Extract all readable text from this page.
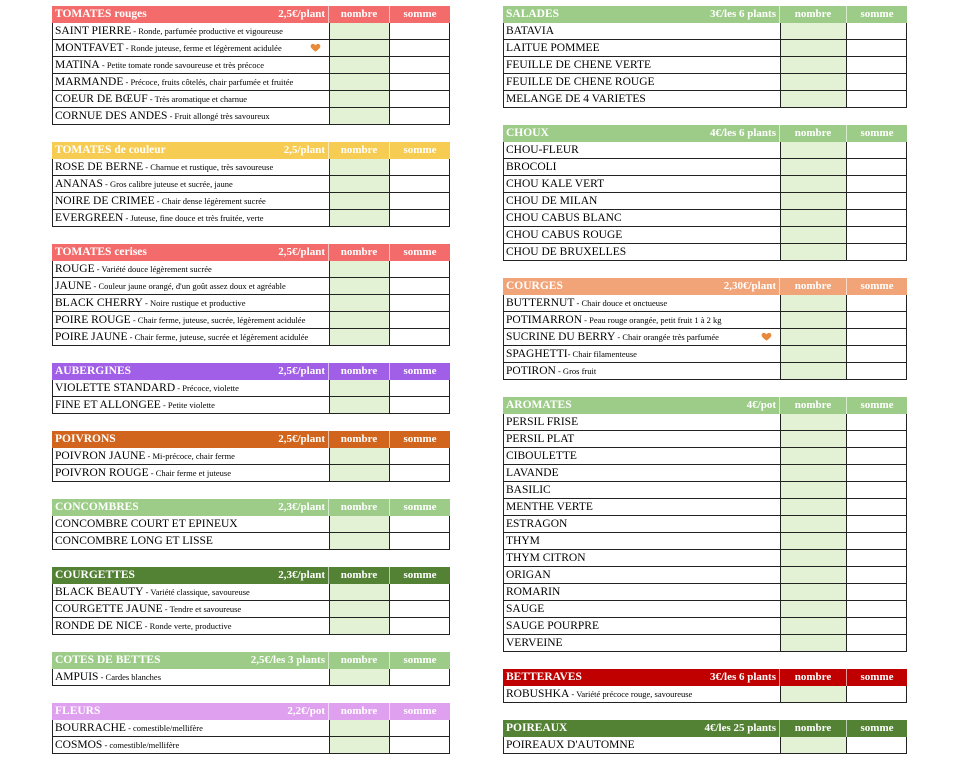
TOMATES rouges	2,5€/plant	nombre	somme
SAINT PIERRE - Ronde, parfumée productive et vigoureuse
MONTFAVET - Ronde juteuse, ferme et légèrement acidulée
MATINA - Petite tomate ronde savoureuse et très précoce
MARMANDE - Précoce, fruits côtelés, chair parfumée et fruitée
COEUR DE BŒUF - Très aromatique et charnue
CORNUE DES ANDES - Fruit allongé très savoureux
TOMATES de couleur	2,5/plant	nombre	somme
ROSE DE BERNE - Charnue et rustique, très savoureuse
ANANAS - Gros calibre juteuse et sucrée, jaune
NOIRE DE CRIMEE - Chair dense légèrement sucrée
EVERGREEN - Juteuse, fine douce et très fruitée, verte
TOMATES cerises	2,5€/plant	nombre	somme
ROUGE - Variété douce légèrement sucrée
JAUNE - Couleur jaune orangé, d'un goût assez doux et agréable
BLACK CHERRY - Noire rustique et productive
POIRE ROUGE - Chair ferme, juteuse, sucrée, légèrement acidulée
POIRE JAUNE - Chair ferme, juteuse, sucrée et légèrement acidulée
AUBERGINES	2,5€/plant	nombre	somme
VIOLETTE STANDARD - Précoce, violette
FINE ET ALLONGEE - Petite violette
POIVRONS	2,5€/plant	nombre	somme
POIVRON JAUNE - Mi-précoce, chair ferme
POIVRON ROUGE - Chair ferme et juteuse
CONCOMBRES	2,3€/plant	nombre	somme
CONCOMBRE COURT ET EPINEUX
CONCOMBRE LONG ET LISSE
COURGETTES	2,3€/plant	nombre	somme
BLACK BEAUTY - Variété classique, savoureuse
COURGETTE JAUNE - Tendre et savoureuse
RONDE DE NICE - Ronde verte, productive
COTES DE BETTES	2,5€/les 3 plants	nombre	somme
AMPUIS - Cardes blanches
FLEURS	2,2€/pot	nombre	somme
BOURRACHE - comestible/mellifère
COSMOS - comestible/mellifère
SALADES	3€/les 6 plants	nombre	somme
BATAVIA
LAITUE POMMEE
FEUILLE DE CHENE VERTE
FEUILLE DE CHENE ROUGE
MELANGE DE 4 VARIETES
CHOUX	4€/les 6 plants	nombre	somme
CHOU-FLEUR
BROCOLI
CHOU KALE VERT
CHOU DE MILAN
CHOU CABUS BLANC
CHOU CABUS ROUGE
CHOU DE BRUXELLES
COURGES	2,30€/plant	nombre	somme
BUTTERNUT - Chair douce et onctueuse
POTIMARRON - Peau rouge orangée, petit fruit 1 à 2 kg
SUCRINE DU BERRY - Chair orangée très parfumée
SPAGHETTI- Chair filamenteuse
POTIRON - Gros fruit
AROMATES	4€/pot	nombre	somme
PERSIL FRISE
PERSIL PLAT
CIBOULETTE
LAVANDE
BASILIC
MENTHE VERTE
ESTRAGON
THYM
THYM CITRON
ORIGAN
ROMARIN
SAUGE
SAUGE POURPRE
VERVEINE
BETTERAVES	3€/les 6 plants	nombre	somme
ROBUSHKA - Variété précoce rouge, savoureuse
POIREAUX	4€/les 25 plants	nombre	somme
POIREAUX D'AUTOMNE
